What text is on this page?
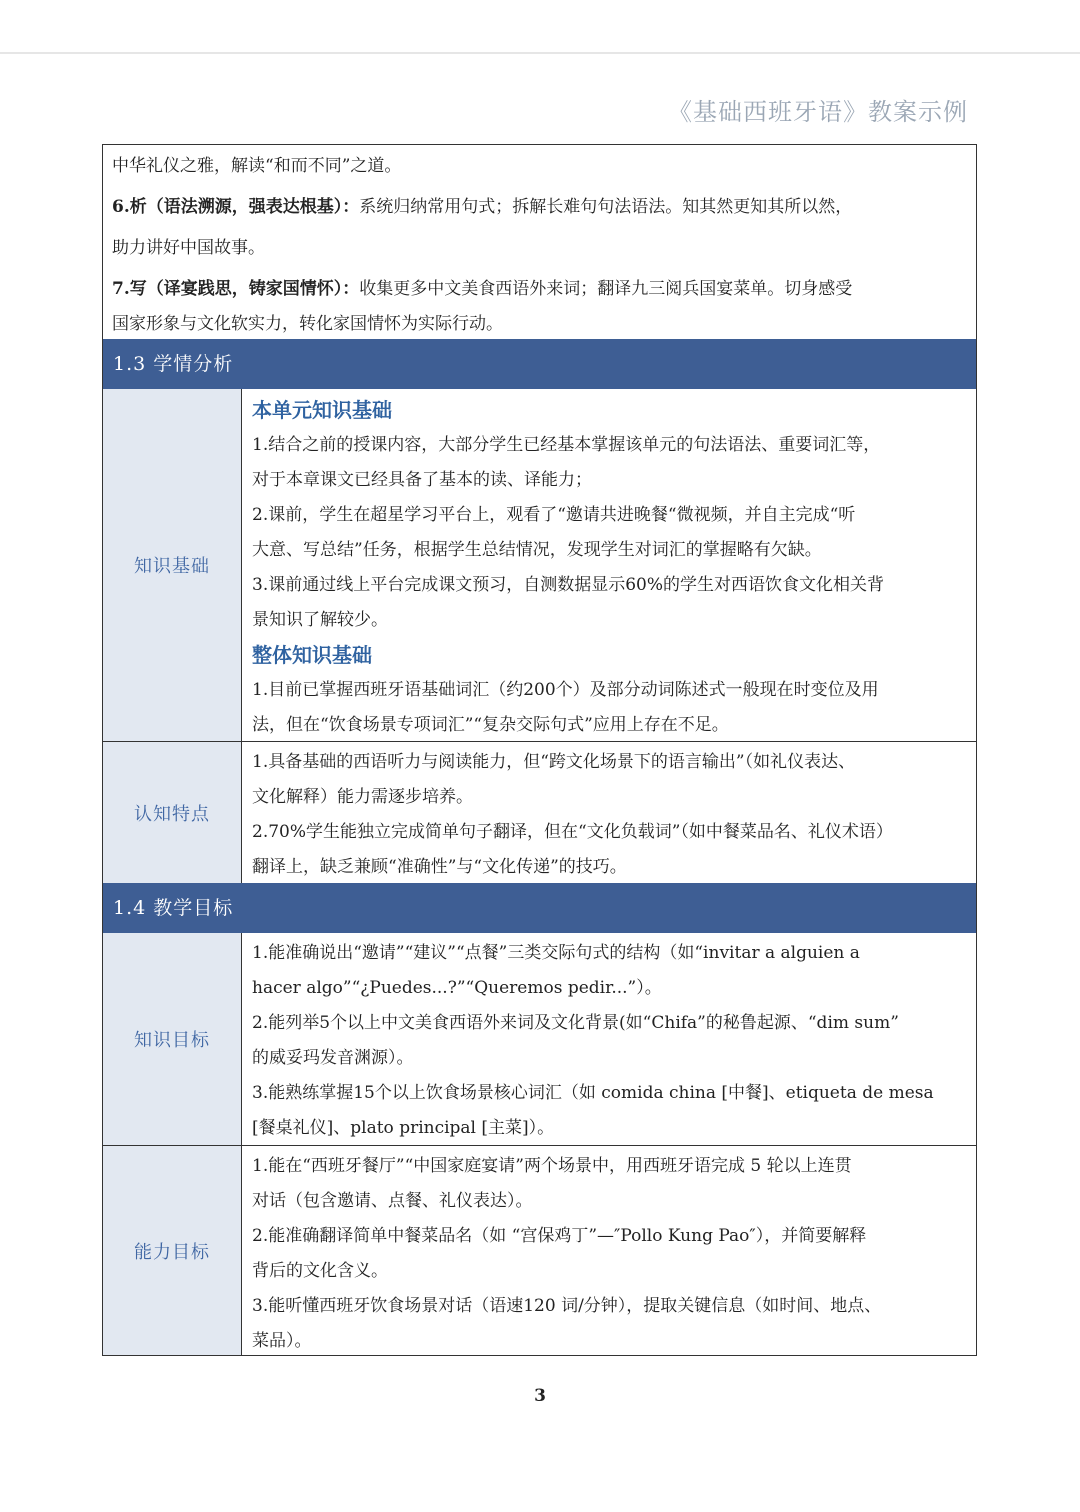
《基础西班牙语》教案示例

中华礼仪之雅，解读“和而不同”之道。

6.析（语法溯源，强表达根基）：系统归纳常用句式；拆解长难句句法语法。知其然更知其所以然，

助力讲好中国故事。

7.写（译宴践思，铸家国情怀）：收集更多中文美食西语外来词；翻译九三阅兵国宴菜单。切身感受

国家形象与文化软实力，转化家国情怀为实际行动。

1.3 学情分析
知识基础

本单元知识基础

1.结合之前的授课内容，大部分学生已经基本掌握该单元的句法语法、重要词汇等，

对于本章课文已经具备了基本的读、译能力；

2.课前，学生在超星学习平台上，观看了“邀请共进晚餐“微视频，并自主完成“听

大意、写总结”任务，根据学生总结情况，发现学生对词汇的掌握略有欠缺。

3.课前通过线上平台完成课文预习，自测数据显示60%的学生对西语饮食文化相关背

景知识了解较少。

整体知识基础

1.目前已掌握西班牙语基础词汇（约200个）及部分动词陈述式一般现在时变位及用

法，但在“饮食场景专项词汇”“复杂交际句式”应用上存在不足。

认知特点

1.具备基础的西语听力与阅读能力，但“跨文化场景下的语言输出”（如礼仪表达、

文化解释）能力需逐步培养。

2.70%学生能独立完成简单句子翻译，但在“文化负载词”（如中餐菜品名、礼仪术语）

翻译上，缺乏兼顾“准确性”与“文化传递”的技巧。

1.4 教学目标
知识目标

1.能准确说出“邀请”“建议”“点餐”三类交际句式的结构（如“invitar a alguien a

hacer algo”“¿Puedes...?”“Queremos pedir...”）。

2.能列举5个以上中文美食西语外来词及文化背景(如“Chifa”的秘鲁起源、“dim sum”

的威妥玛发音渊源）。

3.能熟练掌握15个以上饮食场景核心词汇（如 comida china [中餐]、etiqueta de mesa

[餐桌礼仪]、plato principal [主菜]）。

能力目标

1.能在“西班牙餐厅”“中国家庭宴请”两个场景中，用西班牙语完成 5 轮以上连贯

对话（包含邀请、点餐、礼仪表达）。

2.能准确翻译简单中餐菜品名（如 “宫保鸡丁”—″Pollo Kung Pao″），并简要解释

背后的文化含义。

3.能听懂西班牙饮食场景对话（语速120 词/分钟），提取关键信息（如时间、地点、

菜品）。

3
